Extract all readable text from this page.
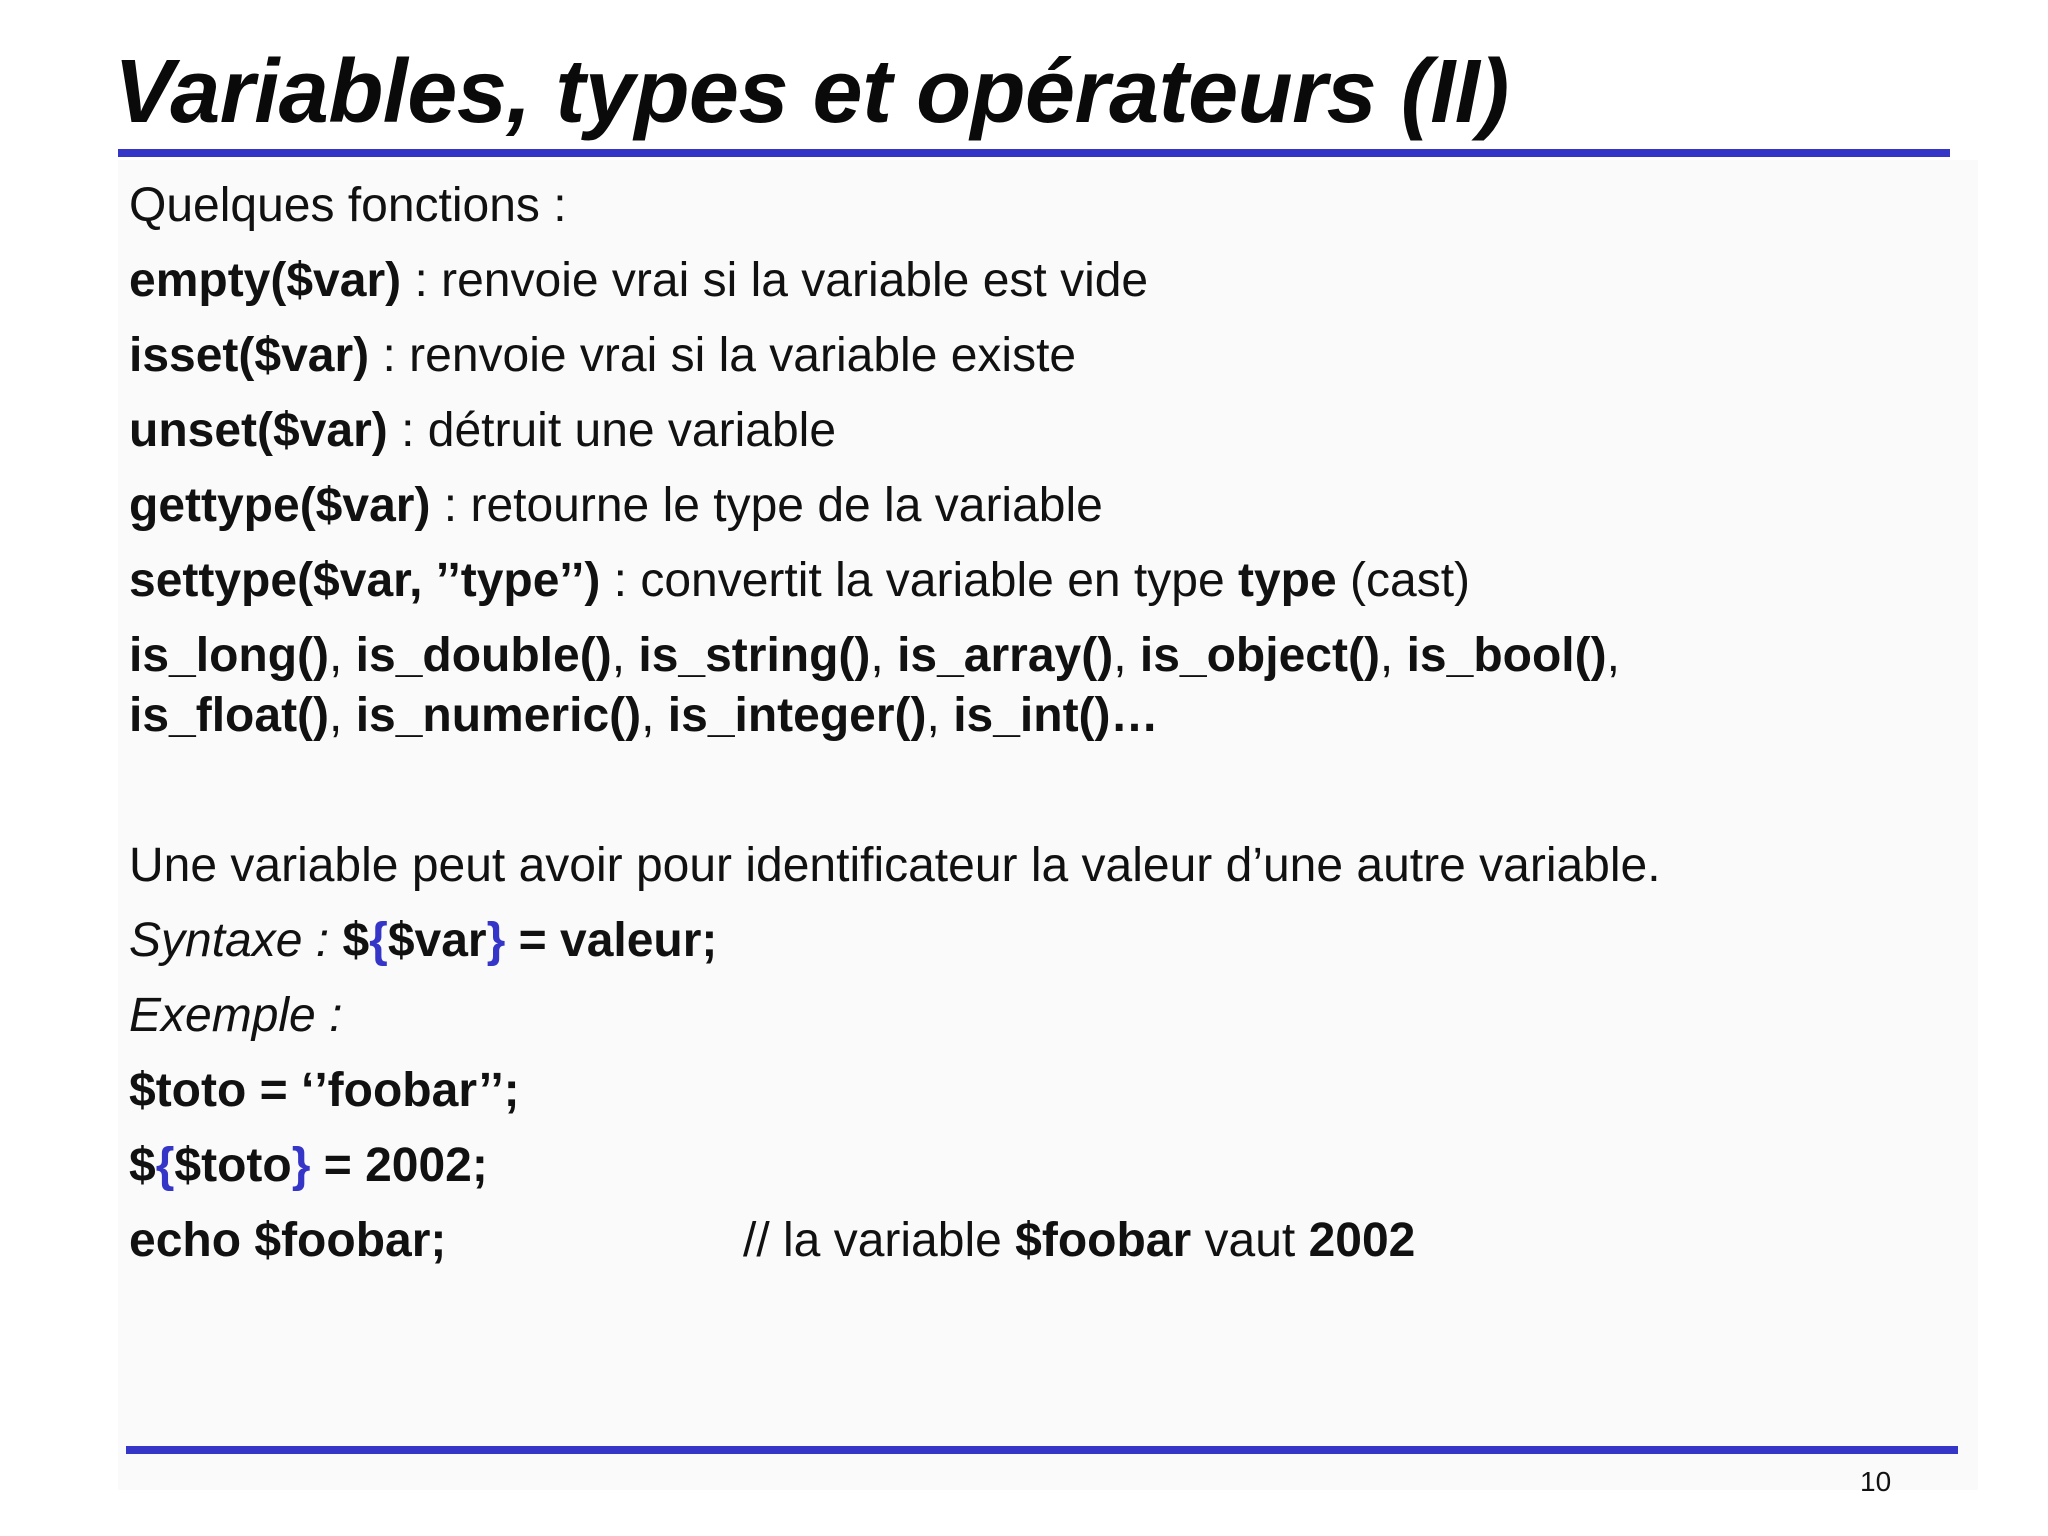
Variables, types et opérateurs (II)
Quelques fonctions :
empty($var) : renvoie vrai si la variable est vide
isset($var) : renvoie vrai si la variable existe
unset($var) : détruit une variable
gettype($var) : retourne le type de la variable
settype($var, ’’type’’) : convertit la variable en type type (cast)
is_long(), is_double(), is_string(), is_array(), is_object(), is_bool(),
is_float(), is_numeric(), is_integer(), is_int()…
Une variable peut avoir pour identificateur la valeur d’une autre variable.
Syntaxe : ${$var} = valeur;
Exemple :
$toto = ‘’foobar’’;
${$toto} = 2002;
echo $foobar;	// la variable $foobar vaut 2002
10
